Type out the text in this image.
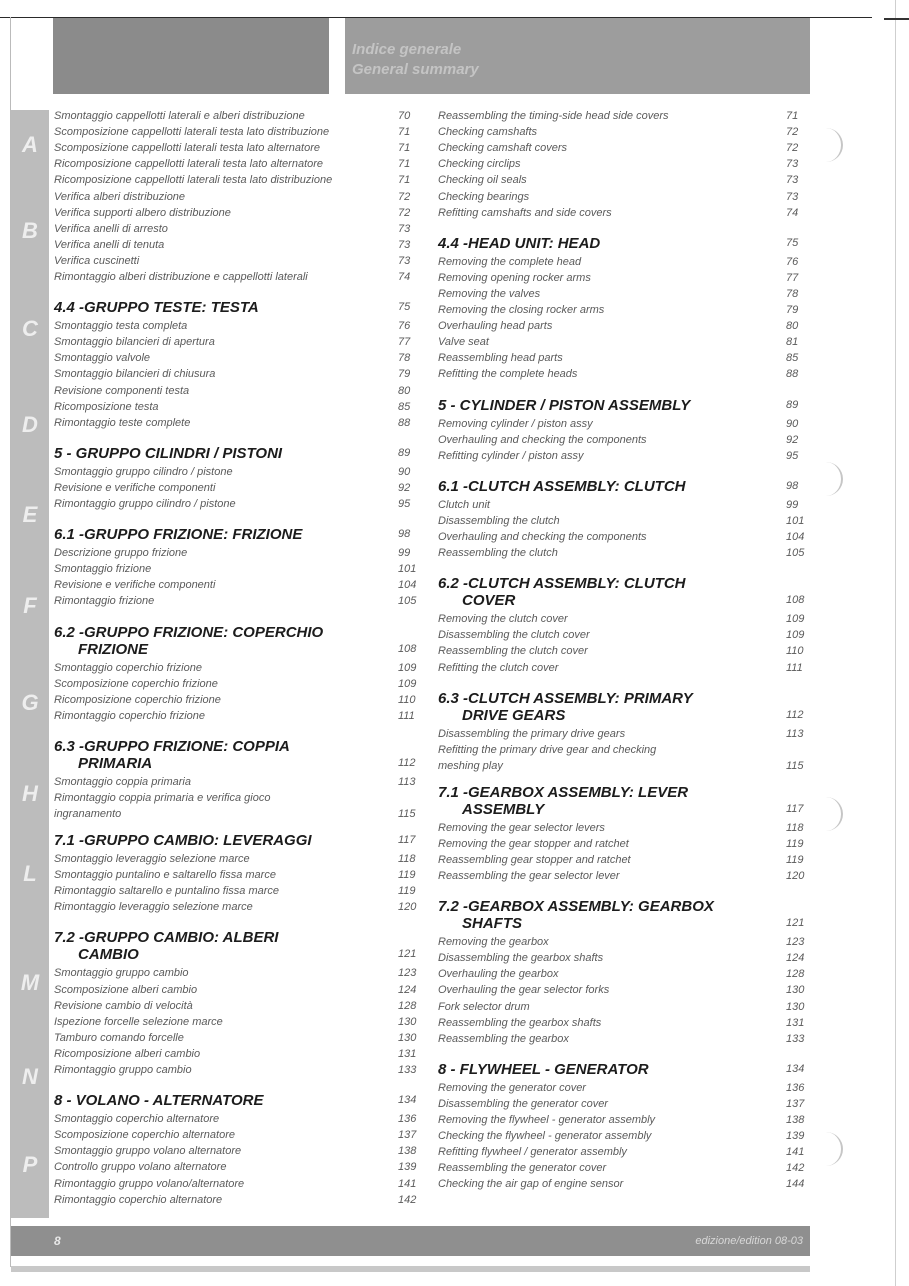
Indice generale
General summary
A
B
C
D
E
F
G
H
L
M
N
P
Smontaggio cappellotti laterali e alberi distribuzione	70
Scomposizione cappellotti laterali testa lato distribuzione	71
Scomposizione cappellotti laterali testa lato alternatore	71
Ricomposizione cappellotti laterali testa lato alternatore	71
Ricomposizione cappellotti laterali testa lato distribuzione	71
Verifica alberi distribuzione	72
Verifica supporti albero distribuzione	72
Verifica anelli di arresto	73
Verifica anelli di tenuta	73
Verifica cuscinetti	73
Rimontaggio alberi distribuzione e cappellotti laterali	74
4.4 -GRUPPO TESTE: TESTA	75
Smontaggio testa completa	76
Smontaggio bilancieri di apertura	77
Smontaggio valvole	78
Smontaggio bilancieri di chiusura	79
Revisione componenti testa	80
Ricomposizione testa	85
Rimontaggio teste complete	88
5 - GRUPPO CILINDRI / PISTONI	89
Smontaggio gruppo cilindro / pistone	90
Revisione e verifiche componenti	92
Rimontaggio gruppo cilindro / pistone	95
6.1 -GRUPPO FRIZIONE: FRIZIONE	98
Descrizione gruppo frizione	99
Smontaggio frizione	101
Revisione e verifiche componenti	104
Rimontaggio frizione	105
6.2 -GRUPPO FRIZIONE: COPERCHIO
FRIZIONE	108
Smontaggio coperchio frizione	109
Scomposizione coperchio frizione	109
Ricomposizione coperchio frizione	110
Rimontaggio coperchio frizione	111
6.3 -GRUPPO FRIZIONE: COPPIA
PRIMARIA	112
Smontaggio coppia primaria	113
Rimontaggio coppia primaria e verifica gioco
ingranamento	115
7.1 -GRUPPO CAMBIO: LEVERAGGI	117
Smontaggio leveraggio selezione marce	118
Smontaggio puntalino e saltarello fissa marce	119
Rimontaggio saltarello e puntalino fissa marce	119
Rimontaggio leveraggio selezione marce	120
7.2 -GRUPPO CAMBIO: ALBERI
CAMBIO	121
Smontaggio gruppo cambio	123
Scomposizione alberi cambio	124
Revisione cambio di velocità	128
Ispezione forcelle selezione marce	130
Tamburo comando forcelle	130
Ricomposizione alberi cambio	131
Rimontaggio gruppo cambio	133
8 - VOLANO - ALTERNATORE	134
Smontaggio coperchio alternatore	136
Scomposizione coperchio alternatore	137
Smontaggio gruppo volano alternatore	138
Controllo gruppo volano alternatore	139
Rimontaggio gruppo volano/alternatore	141
Rimontaggio coperchio alternatore	142
Reassembling the timing-side head side covers	71
Checking camshafts	72
Checking camshaft covers	72
Checking circlips	73
Checking oil seals	73
Checking bearings	73
Refitting camshafts and side covers	74
4.4 -HEAD UNIT: HEAD	75
Removing the complete head	76
Removing opening rocker arms	77
Removing the valves	78
Removing the closing rocker arms	79
Overhauling head parts	80
Valve seat	81
Reassembling head parts	85
Refitting the complete heads	88
5 - CYLINDER / PISTON ASSEMBLY	89
Removing cylinder / piston assy	90
Overhauling and checking the components	92
Refitting cylinder / piston assy	95
6.1 -CLUTCH ASSEMBLY: CLUTCH	98
Clutch unit	99
Disassembling the clutch	101
Overhauling and checking the components	104
Reassembling the clutch	105
6.2 -CLUTCH ASSEMBLY: CLUTCH
COVER	108
Removing the clutch cover	109
Disassembling the clutch cover	109
Reassembling the clutch cover	110
Refitting the clutch cover	111
6.3 -CLUTCH ASSEMBLY: PRIMARY
DRIVE GEARS	112
Disassembling the primary drive gears	113
Refitting the primary drive gear and checking
meshing play	115
7.1 -GEARBOX ASSEMBLY: LEVER
ASSEMBLY	117
Removing the gear selector levers	118
Removing the gear stopper and ratchet	119
Reassembling gear stopper and ratchet	119
Reassembling the gear selector lever	120
7.2 -GEARBOX ASSEMBLY: GEARBOX
SHAFTS	121
Removing the gearbox	123
Disassembling the gearbox shafts	124
Overhauling the gearbox	128
Overhauling the gear selector forks	130
Fork selector drum	130
Reassembling the gearbox shafts	131
Reassembling the gearbox	133
8 - FLYWHEEL - GENERATOR	134
Removing the generator cover	136
Disassembling the generator cover	137
Removing the flywheel - generator assembly	138
Checking the flywheel - generator assembly	139
Refitting flywheel / generator assembly	141
Reassembling the generator cover	142
Checking the air gap of engine sensor	144
8	edizione/edition 08-03
